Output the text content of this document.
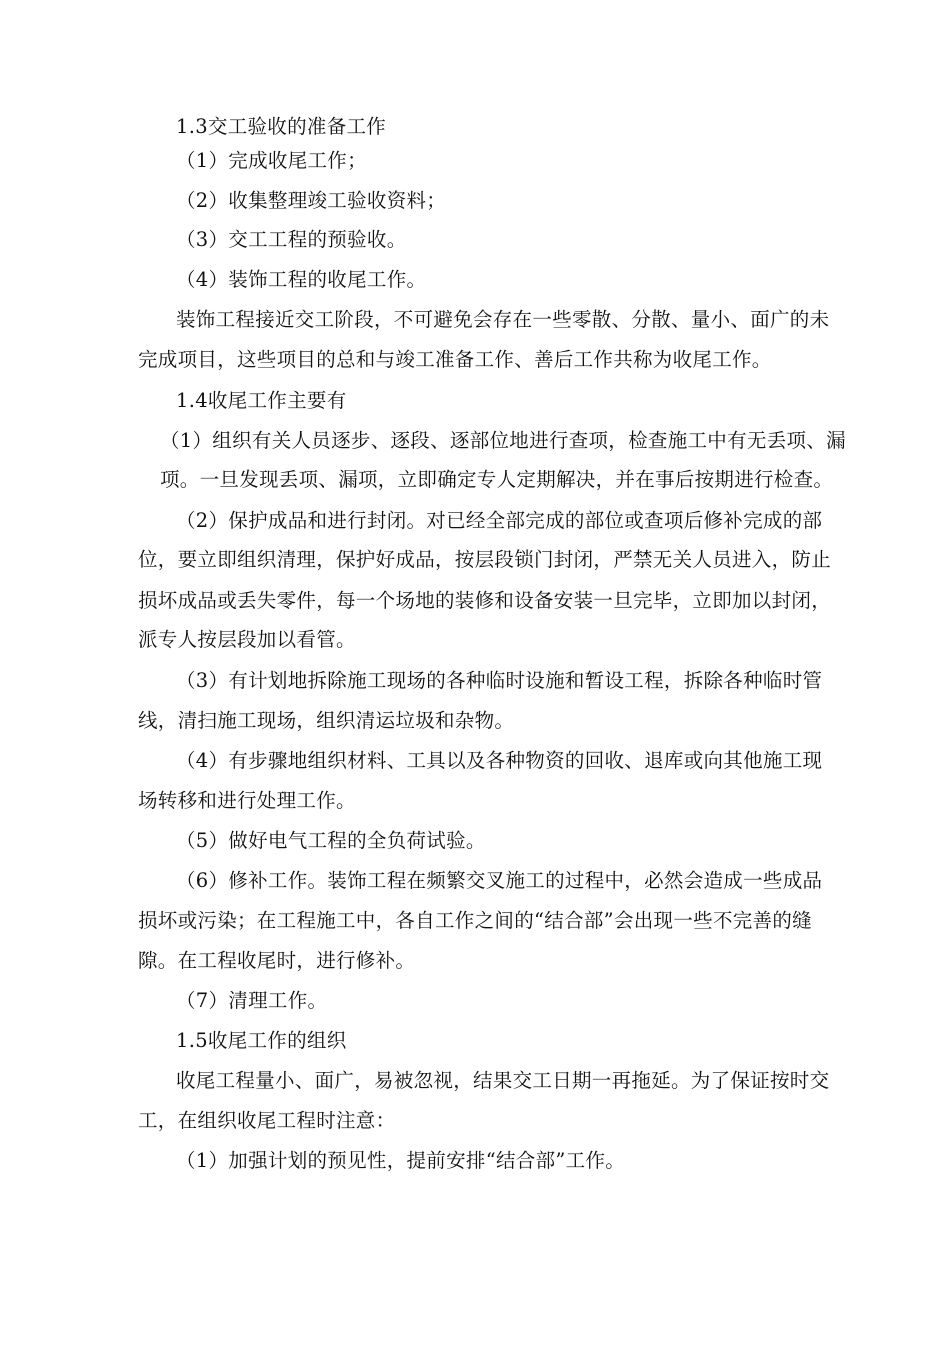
1.3交工验收的准备工作
（1）完成收尾工作；
（2）收集整理竣工验收资料；
（3）交工工程的预验收。
（4）装饰工程的收尾工作。
装饰工程接近交工阶段，不可避免会存在一些零散、分散、量小、面广的未
完成项目，这些项目的总和与竣工准备工作、善后工作共称为收尾工作。
1.4收尾工作主要有
（1）组织有关人员逐步、逐段、逐部位地进行查项，检查施工中有无丢项、漏
项。一旦发现丢项、漏项，立即确定专人定期解决，并在事后按期进行检查。
（2）保护成品和进行封闭。对已经全部完成的部位或查项后修补完成的部
位，要立即组织清理，保护好成品，按层段锁门封闭，严禁无关人员进入，防止
损坏成品或丢失零件，每一个场地的装修和设备安装一旦完毕，立即加以封闭，
派专人按层段加以看管。
（3）有计划地拆除施工现场的各种临时设施和暂设工程，拆除各种临时管
线，清扫施工现场，组织清运垃圾和杂物。
（4）有步骤地组织材料、工具以及各种物资的回收、退库或向其他施工现
场转移和进行处理工作。
（5）做好电气工程的全负荷试验。
（6）修补工作。装饰工程在频繁交叉施工的过程中，必然会造成一些成品
损坏或污染；在工程施工中，各自工作之间的“结合部”会出现一些不完善的缝
隙。在工程收尾时，进行修补。
（7）清理工作。
1.5收尾工作的组织
收尾工程量小、面广，易被忽视，结果交工日期一再拖延。为了保证按时交
工，在组织收尾工程时注意：
（1）加强计划的预见性，提前安排“结合部”工作。
